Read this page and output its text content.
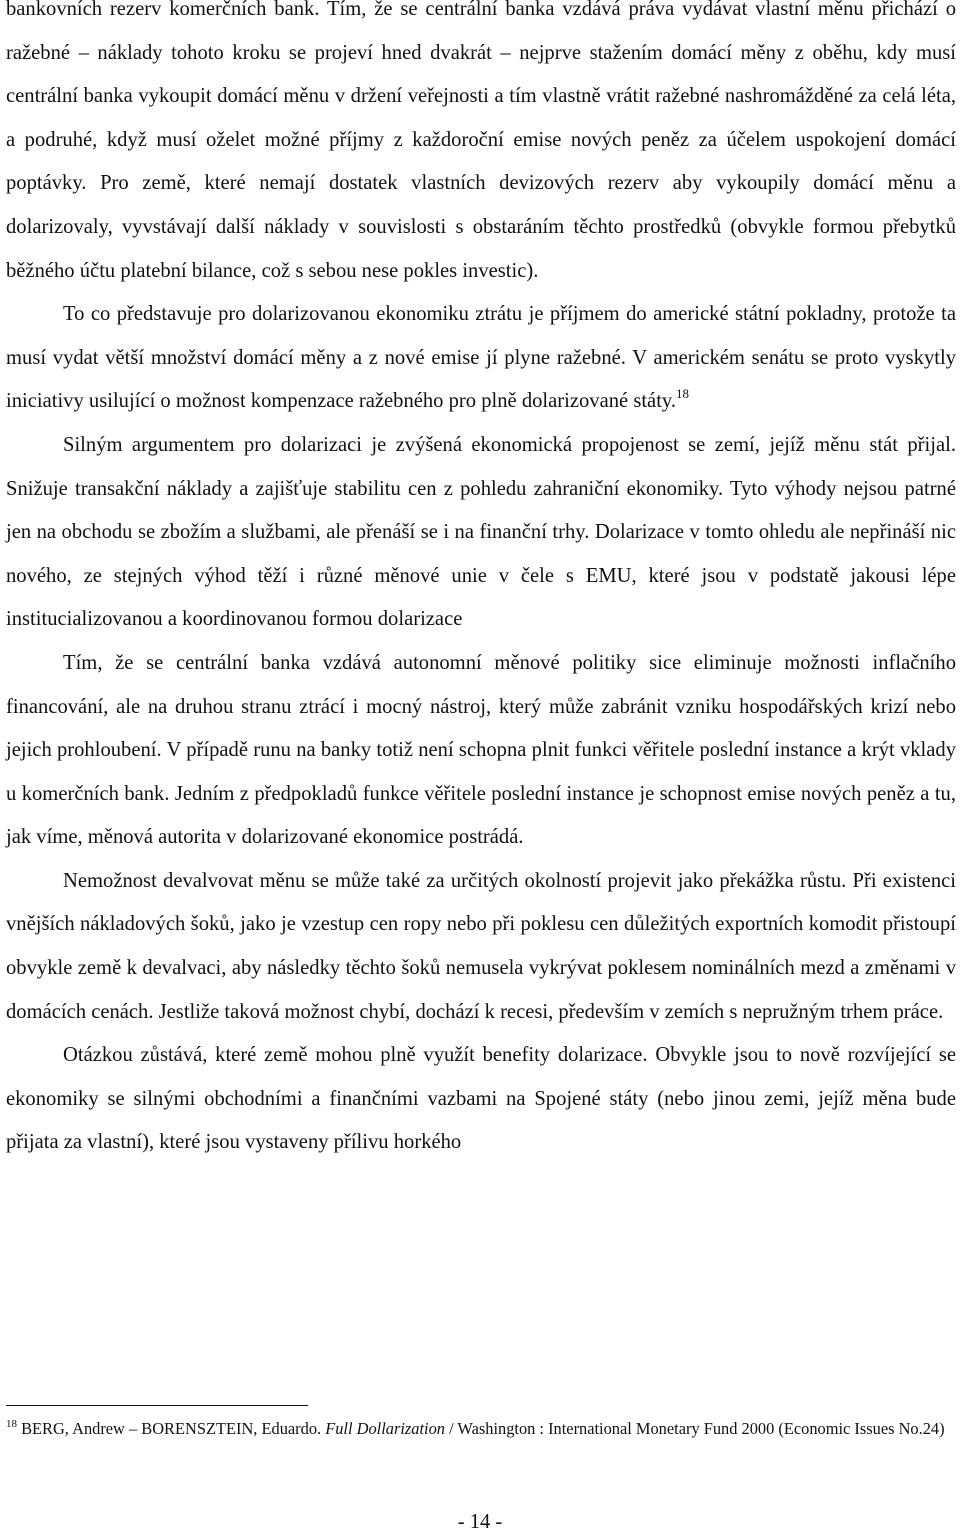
bankovních rezerv komerčních bank. Tím, že se centrální banka vzdává práva vydávat vlastní měnu přichází o ražebné – náklady tohoto kroku se projeví hned dvakrát – nejprve stažením domácí měny z oběhu, kdy musí centrální banka vykoupit domácí měnu v držení veřejnosti a tím vlastně vrátit ražebné nashromážděné za celá léta, a podruhé, když musí oželet možné příjmy z každoroční emise nových peněz za účelem uspokojení domácí poptávky. Pro země, které nemají dostatek vlastních devizových rezerv aby vykoupily domácí měnu a dolarizovaly, vyvstávají další náklady v souvislosti s obstaráním těchto prostředků (obvykle formou přebytků běžného účtu platební bilance, což s sebou nese pokles investic).

To co představuje pro dolarizovanou ekonomiku ztrátu je příjmem do americké státní pokladny, protože ta musí vydat větší množství domácí měny a z nové emise jí plyne ražebné. V americkém senátu se proto vyskytly iniciativy usilující o možnost kompenzace ražebného pro plně dolarizované státy.$^{18}$

Silným argumentem pro dolarizaci je zvýšená ekonomická propojenost se zemí, jejíž měnu stát přijal. Snižuje transakční náklady a zajišťuje stabilitu cen z pohledu zahraniční ekonomiky. Tyto výhody nejsou patrné jen na obchodu se zbožím a službami, ale přenáší se i na finanční trhy. Dolarizace v tomto ohledu ale nepřináší nic nového, ze stejných výhod těží i různé měnové unie v čele s EMU, které jsou v podstatě jakousi lépe institucializovanou a koordinovanou formou dolarizace

Tím, že se centrální banka vzdává autonomní měnové politiky sice eliminuje možnosti inflačního financování, ale na druhou stranu ztrácí i mocný nástroj, který může zabránit vzniku hospodářských krizí nebo jejich prohloubení. V případě runu na banky totiž není schopna plnit funkci věřitele poslední instance a krýt vklady u komerčních bank. Jedním z předpokladů funkce věřitele poslední instance je schopnost emise nových peněz a tu, jak víme, měnová autorita v dolarizované ekonomice postrádá.

Nemožnost devalvovat měnu se může také za určitých okolností projevit jako překážka růstu. Při existenci vnějších nákladových šoků, jako je vzestup cen ropy nebo při poklesu cen důležitých exportních komodit přistoupí obvykle země k devalvaci, aby následky těchto šoků nemusela vykrývat poklesem nominálních mezd a změnami v domácích cenách. Jestliže taková možnost chybí, dochází k recesi, především v zemích s nepružným trhem práce.

Otázkou zůstává, které země mohou plně využít benefity dolarizace. Obvykle jsou to nově rozvíjející se ekonomiky se silnými obchodními a finančními vazbami na Spojené státy (nebo jinou zemi, jejíž měna bude přijata za vlastní), které jsou vystaveny přílivu horkého

$^{18}$ BERG, Andrew – BORENSZTEIN, Eduardo. Full Dollarization / Washington : International Monetary Fund 2000 (Economic Issues No.24)

- 14 -
